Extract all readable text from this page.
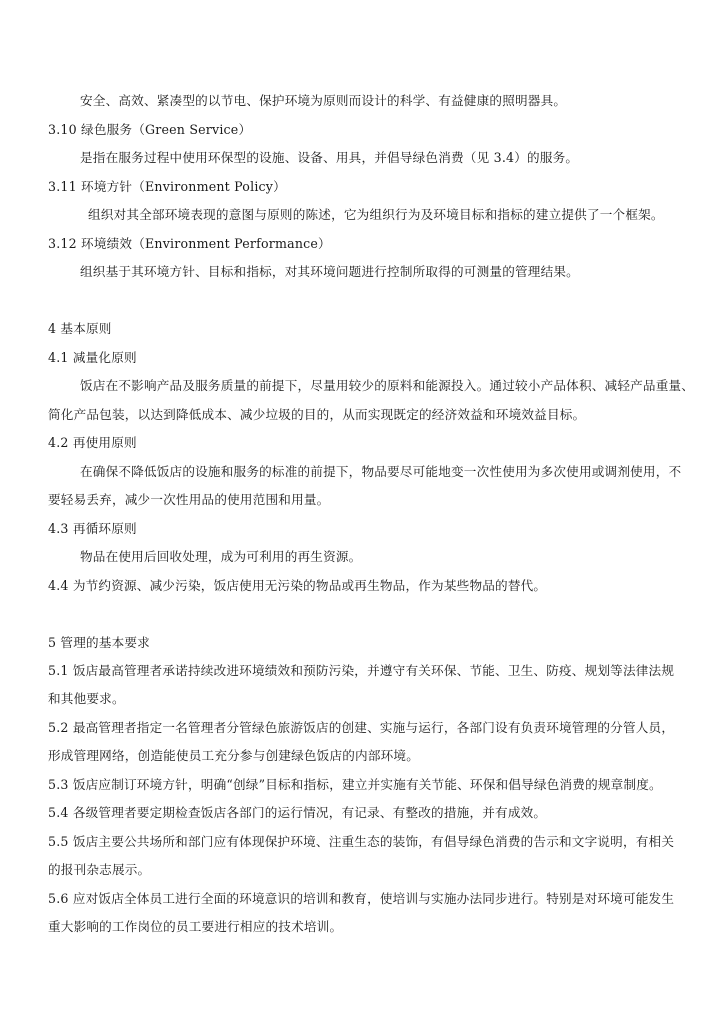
安全、高效、紧凑型的以节电、保护环境为原则而设计的科学、有益健康的照明器具。
3.10 绿色服务（Green Service）
是指在服务过程中使用环保型的设施、设备、用具，并倡导绿色消费（见 3.4）的服务。
3.11 环境方针（Environment Policy）
组织对其全部环境表现的意图与原则的陈述，它为组织行为及环境目标和指标的建立提供了一个框架。
3.12 环境绩效（Environment Performance）
组织基于其环境方针、目标和指标，对其环境问题进行控制所取得的可测量的管理结果。
4 基本原则
4.1 减量化原则
饭店在不影响产品及服务质量的前提下，尽量用较少的原料和能源投入。通过较小产品体积、减轻产品重量、
简化产品包装，以达到降低成本、减少垃圾的目的，从而实现既定的经济效益和环境效益目标。
4.2 再使用原则
在确保不降低饭店的设施和服务的标准的前提下，物品要尽可能地变一次性使用为多次使用或调剂使用，不
要轻易丢弃，减少一次性用品的使用范围和用量。
4.3 再循环原则
物品在使用后回收处理，成为可利用的再生资源。
4.4 为节约资源、减少污染，饭店使用无污染的物品或再生物品，作为某些物品的替代。
5 管理的基本要求
5.1 饭店最高管理者承诺持续改进环境绩效和预防污染，并遵守有关环保、节能、卫生、防疫、规划等法律法规
和其他要求。
5.2 最高管理者指定一名管理者分管绿色旅游饭店的创建、实施与运行，各部门设有负责环境管理的分管人员，
形成管理网络，创造能使员工充分参与创建绿色饭店的内部环境。
5.3 饭店应制订环境方针，明确“创绿”目标和指标，建立并实施有关节能、环保和倡导绿色消费的规章制度。
5.4 各级管理者要定期检查饭店各部门的运行情况，有记录、有整改的措施，并有成效。
5.5 饭店主要公共场所和部门应有体现保护环境、注重生态的装饰，有倡导绿色消费的告示和文字说明，有相关
的报刊杂志展示。
5.6 应对饭店全体员工进行全面的环境意识的培训和教育，使培训与实施办法同步进行。特别是对环境可能发生
重大影响的工作岗位的员工要进行相应的技术培训。
